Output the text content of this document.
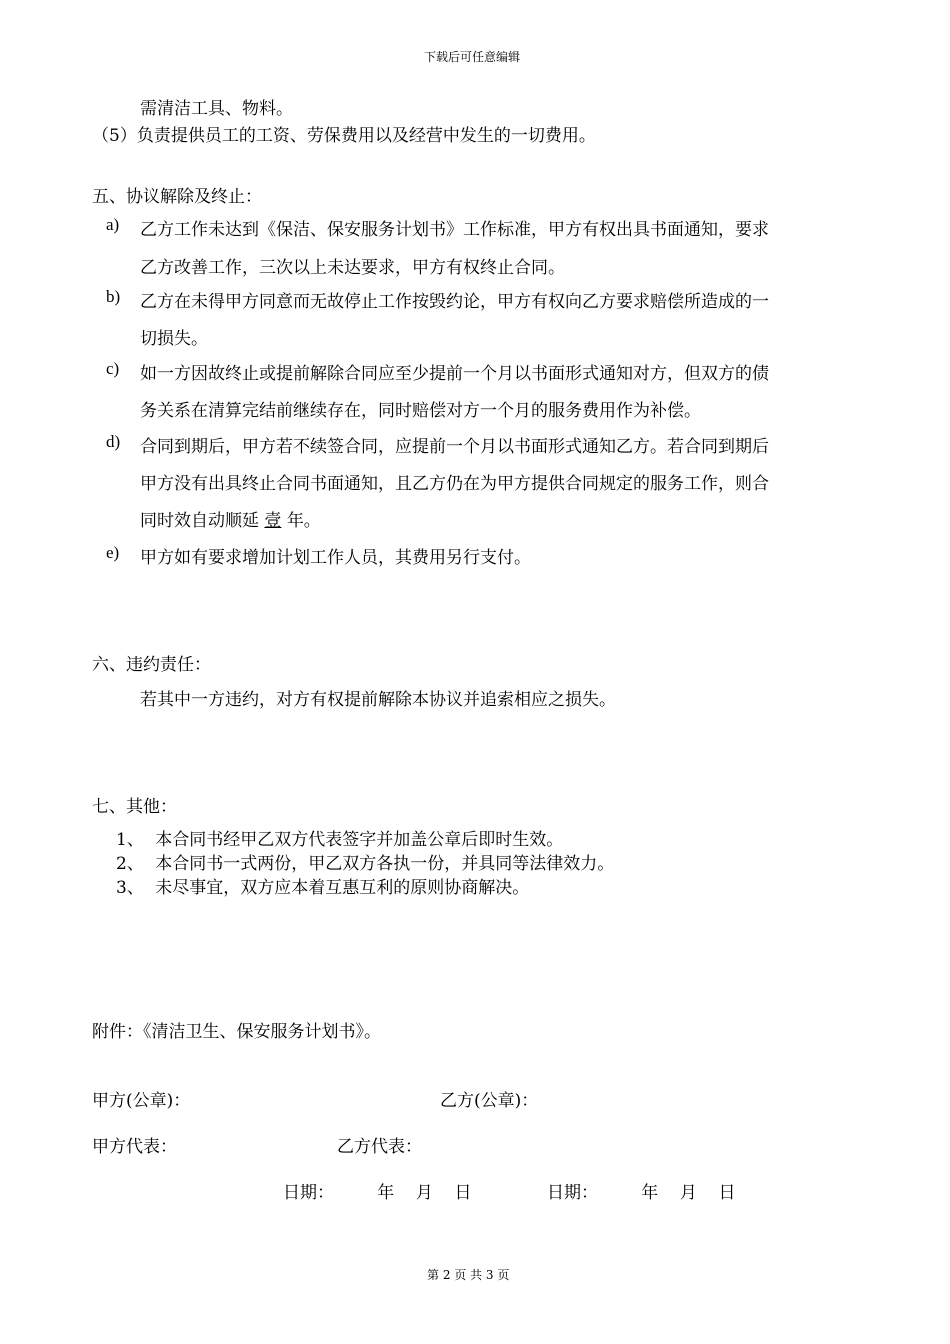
下载后可任意编辑
需清洁工具、物料。
（5）负责提供员工的工资、劳保费用以及经营中发生的一切费用。
五、协议解除及终止：
a) 乙方工作未达到《保洁、保安服务计划书》工作标准，甲方有权出具书面通知，要求
乙方改善工作，三次以上未达要求，甲方有权终止合同。
b) 乙方在未得甲方同意而无故停止工作按毁约论，甲方有权向乙方要求赔偿所造成的一
切损失。
c) 如一方因故终止或提前解除合同应至少提前一个月以书面形式通知对方，但双方的债
务关系在清算完结前继续存在，同时赔偿对方一个月的服务费用作为补偿。
d) 合同到期后，甲方若不续签合同，应提前一个月以书面形式通知乙方。若合同到期后
甲方没有出具终止合同书面通知，且乙方仍在为甲方提供合同规定的服务工作，则合
同时效自动顺延 壹 年。
e) 甲方如有要求增加计划工作人员，其费用另行支付。
六、违约责任：
若其中一方违约，对方有权提前解除本协议并追索相应之损失。
七、其他：
1、 本合同书经甲乙双方代表签字并加盖公章后即时生效。
2、 本合同书一式两份，甲乙双方各执一份，并具同等法律效力。
3、 未尽事宜，双方应本着互惠互利的原则协商解决。
附件：《清洁卫生、保安服务计划书》。
甲方(公章)：	乙方(公章)：
甲方代表：	乙方代表：
日期：        年    月    日	日期：        年    月    日
第 2 页 共 3 页
